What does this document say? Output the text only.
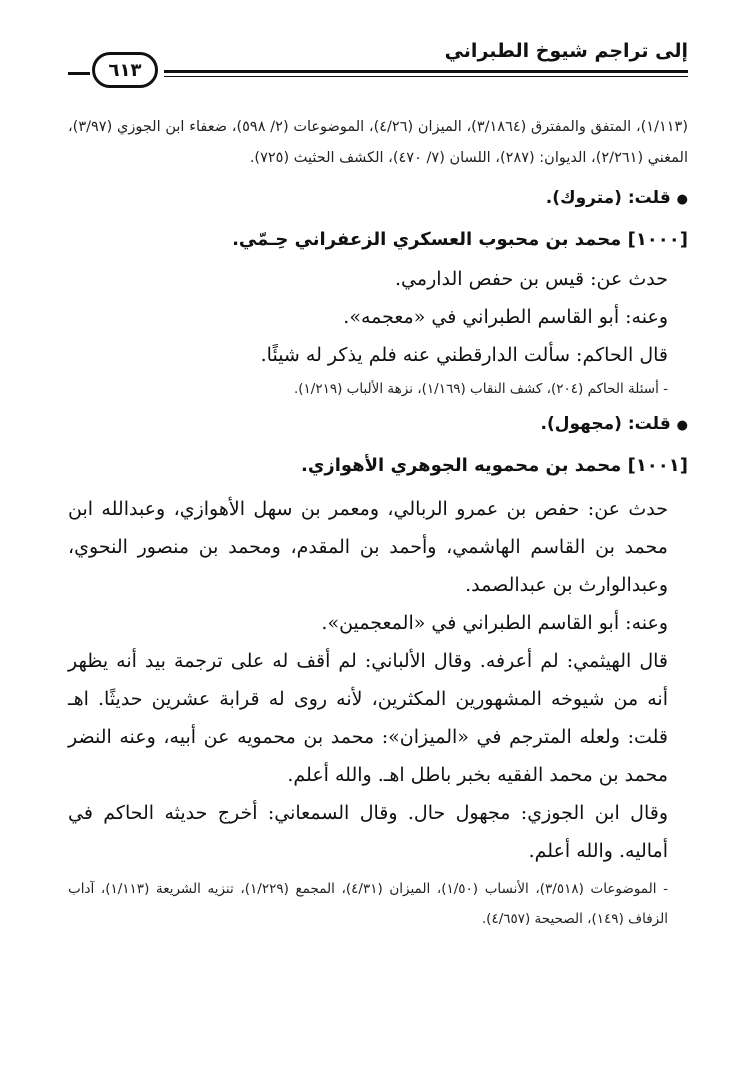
إلى تراجم شيوخ الطبراني
٦١٣

(١/١١٣)، المتفق والمفترق (٣/١٨٦٤)، الميزان (٤/٢٦)، الموضوعات (٢/ ٥٩٨)، ضعفاء ابن الجوزي (٣/٩٧)، المغني (٢/٢٦١)، الديوان: (٢٨٧)، اللسان (٧/ ٤٧٠)، الكشف الحثيث (٧٢٥).

● قلت: (متروك).

[١٠٠٠] محمد بن محبوب العسكري الزعفراني حِـمّي.

حدث عن: قيس بن حفص الدارمي.

وعنه: أبو القاسم الطبراني في «معجمه».

قال الحاكم: سألت الدارقطني عنه فلم يذكر له شيئًا.

- أسئلة الحاكم (٢٠٤)، كشف النقاب (١/١٦٩)، نزهة الألباب (١/٢١٩).

● قلت: (مجهول).

[١٠٠١] محمد بن محمويه الجوهري الأهوازي.

حدث عن: حفص بن عمرو الربالي، ومعمر بن سهل الأهوازي، وعبدالله ابن محمد بن القاسم الهاشمي، وأحمد بن المقدم، ومحمد بن منصور النحوي، وعبدالوارث بن عبدالصمد.

وعنه: أبو القاسم الطبراني في «المعجمين».

قال الهيثمي: لم أعرفه. وقال الألباني: لم أقف له على ترجمة بيد أنه يظهر أنه من شيوخه المشهورين المكثرين، لأنه روى له قرابة عشرين حديثًا. اهـ قلت: ولعله المترجم في «الميزان»: محمد بن محمويه عن أبيه، وعنه النضر محمد بن محمد الفقيه بخبر باطل اهـ. والله أعلم.

وقال ابن الجوزي: مجهول حال. وقال السمعاني: أخرج حديثه الحاكم في أماليه. والله أعلم.

- الموضوعات (٣/٥١٨)، الأنساب (١/٥٠)، الميزان (٤/٣١)، المجمع (١/٢٢٩)، تنزيه الشريعة (١/١١٣)، آداب الزفاف (١٤٩)، الصحيحة (٤/٦٥٧).
